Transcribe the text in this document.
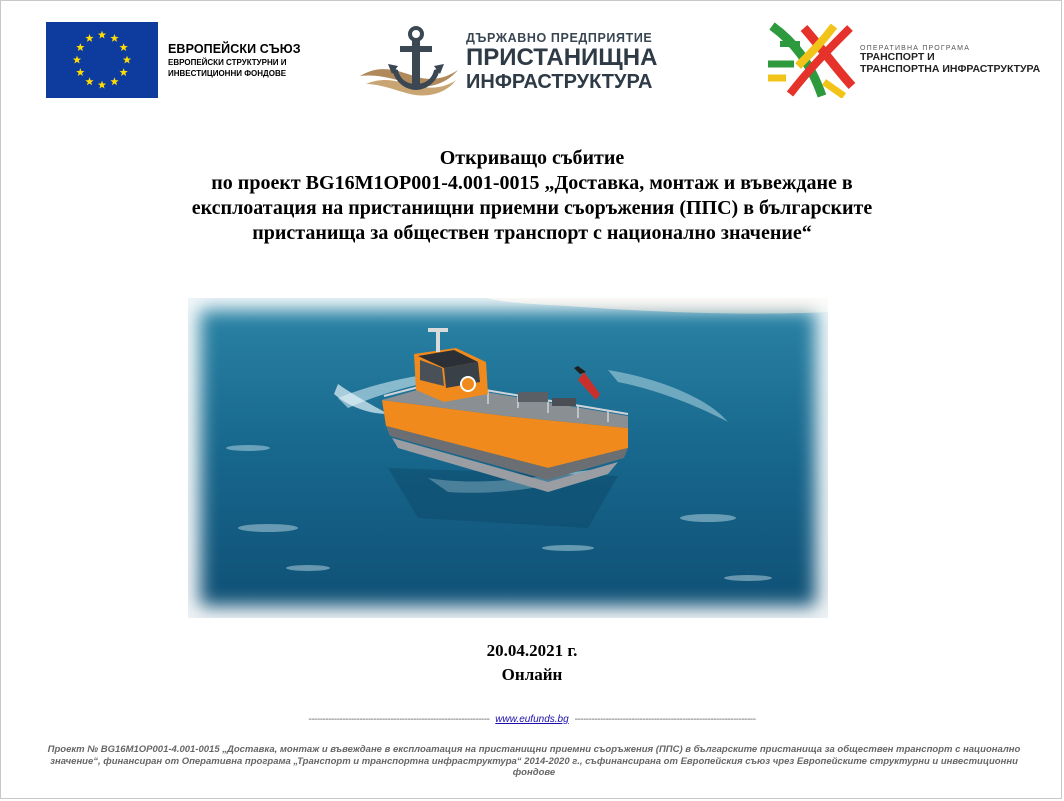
ЕВРОПЕЙСКИ СЪЮЗ
ЕВРОПЕЙСКИ СТРУКТУРНИ И
ИНВЕСТИЦИОННИ ФОНДОВЕ
ДЪРЖАВНО ПРЕДПРИЯТИЕ
ПРИСТАНИЩНА
ИНФРАСТРУКТУРА
ОПЕРАТИВНА ПРОГРАМА
ТРАНСПОРТ И
ТРАНСПОРТНА ИНФРАСТРУКТУРА
Откриващо събитие
по проект BG16M1OP001-4.001-0015 „Доставка, монтаж и въвеждане в
експлоатация на пристанищни приемни съоръжения (ППС) в българските
пристанища за обществен транспорт с национално значение“
20.04.2021 г.
Онлайн
---------------------------------------------------------------- www.eufunds.bg ----------------------------------------------------------------
Проект № BG16M1OP001-4.001-0015 „Доставка, монтаж и въвеждане в експлоатация на пристанищни приемни съоръжения (ППС) в българските пристанища за обществен транспорт с национално значение“, финансиран от Оперативна програма „Транспорт и транспортна инфраструктура“ 2014-2020 г., съфинансирана от Европейския съюз чрез Европейските структурни и инвестиционни фондове
